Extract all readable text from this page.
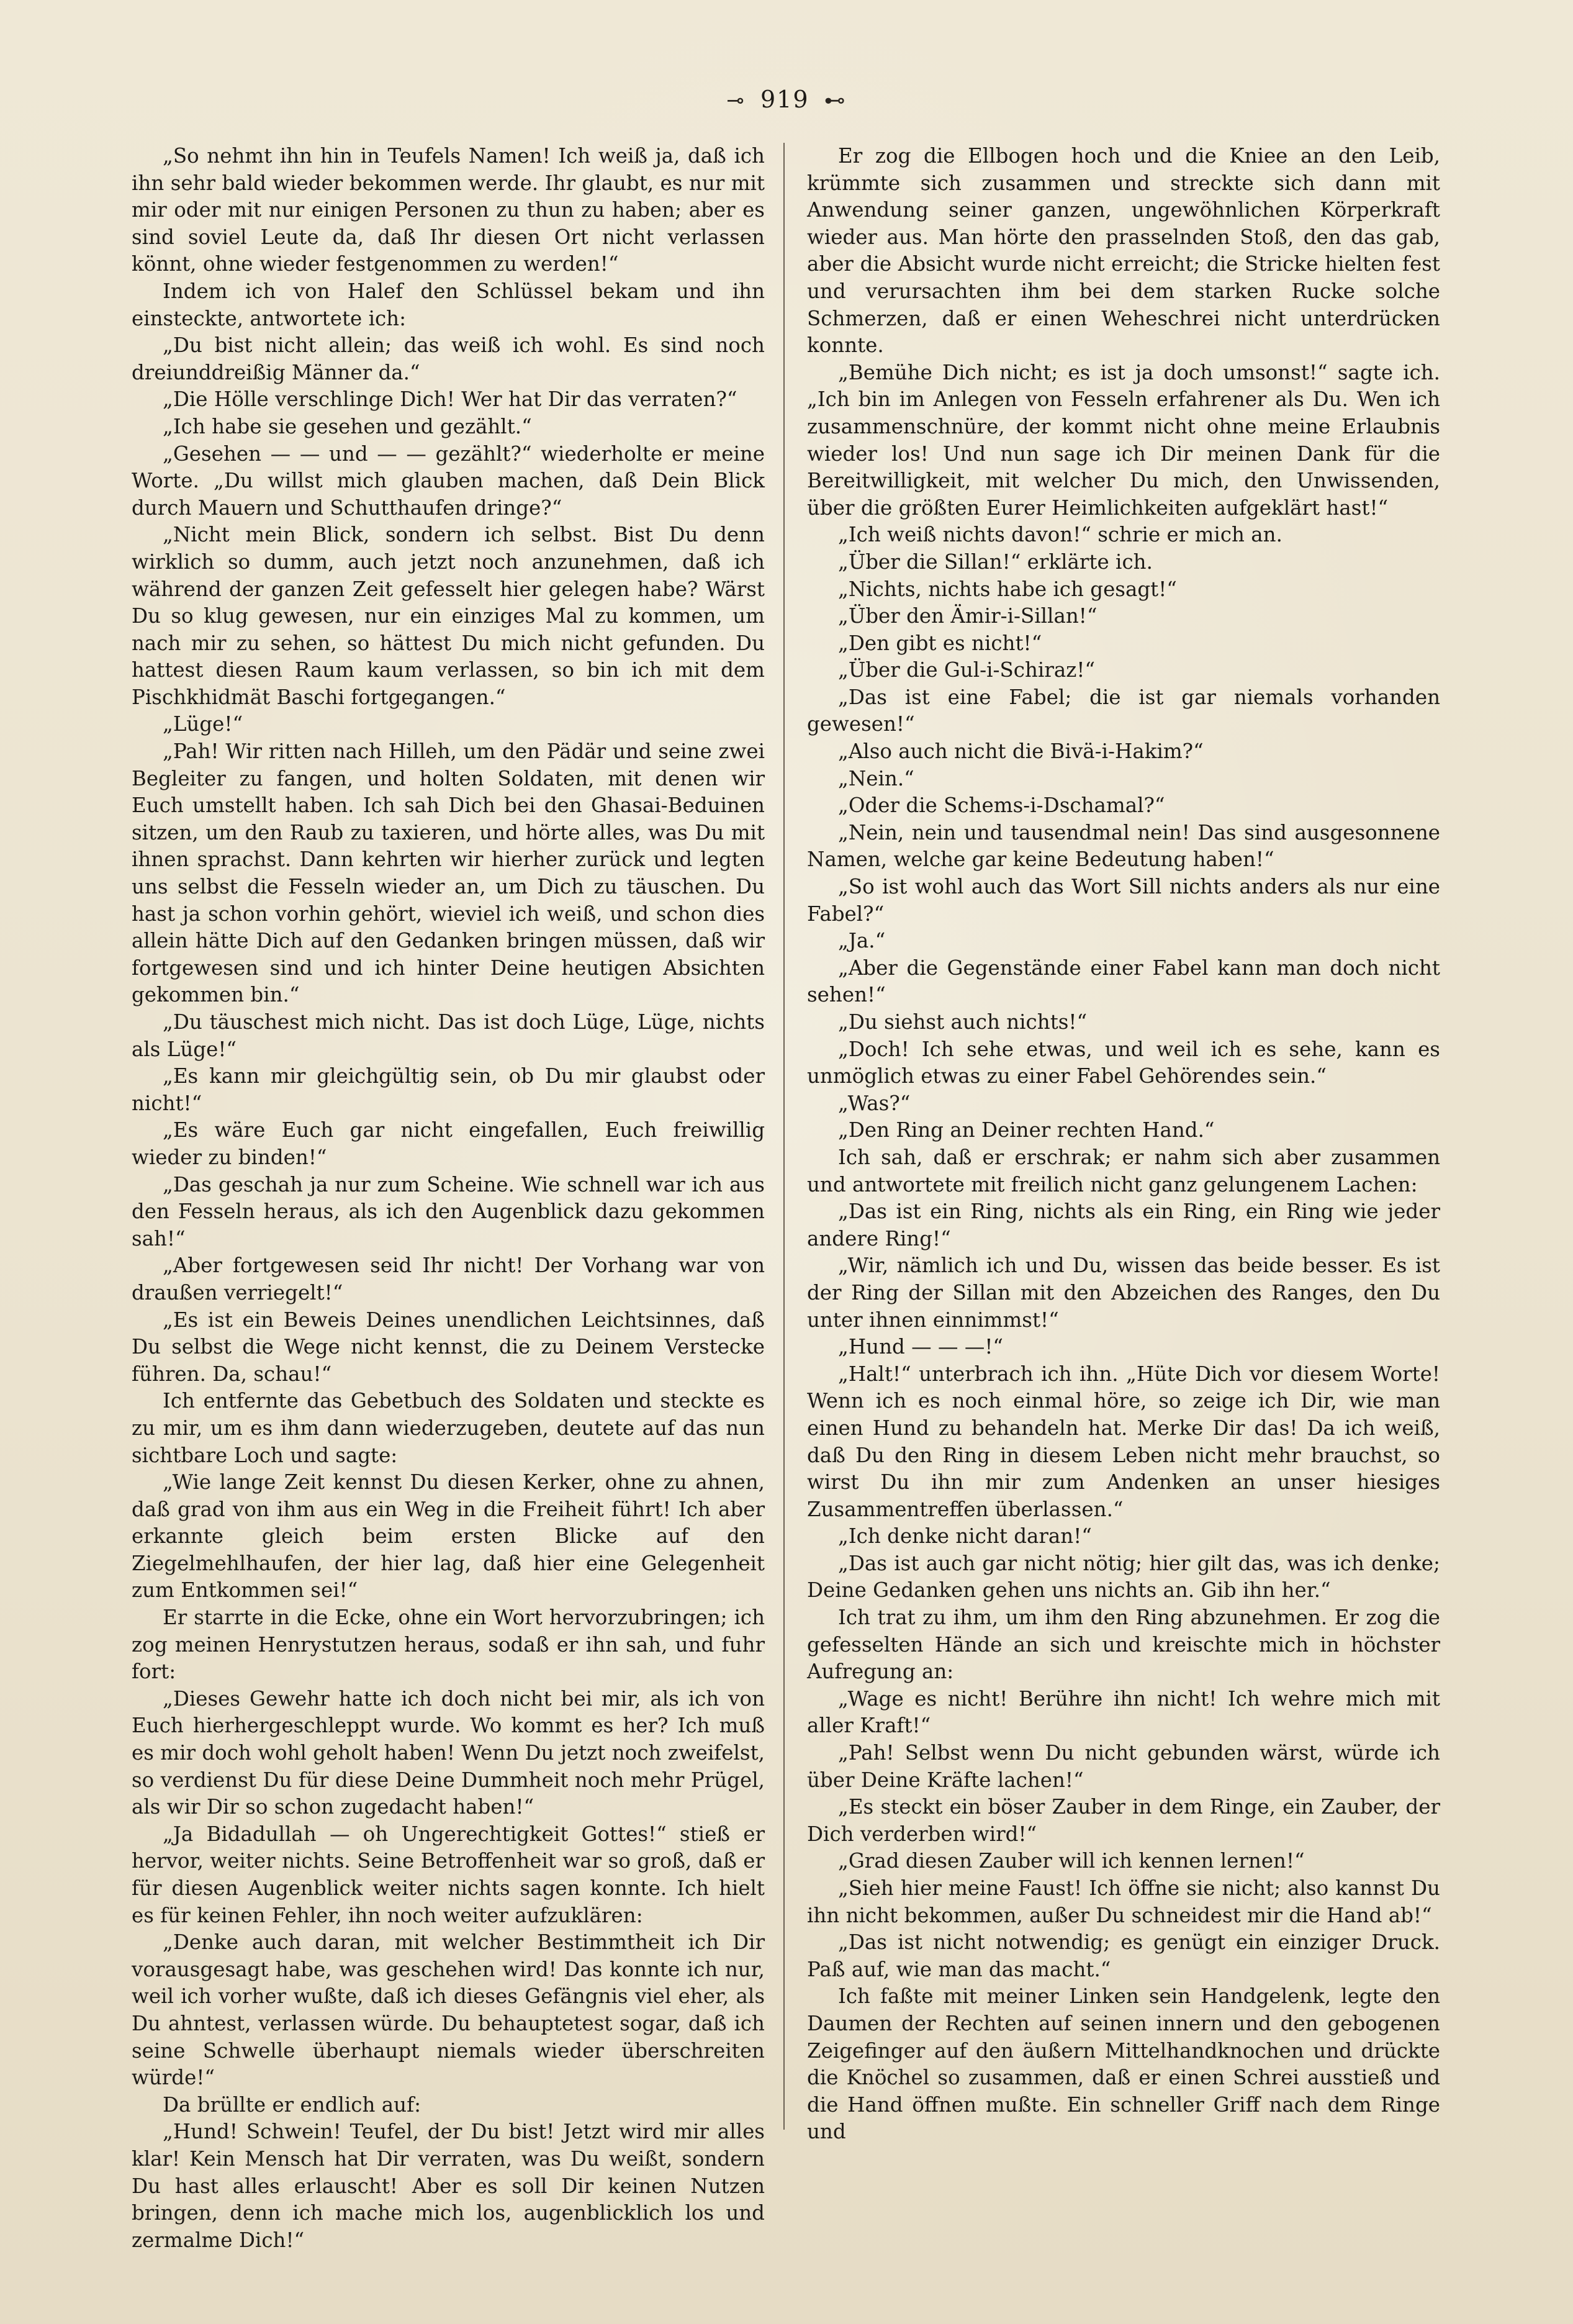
⊸ 919 ⊷

„So nehmt ihn hin in Teufels Namen! Ich weiß ja, daß ich ihn sehr bald wieder bekommen werde. Ihr glaubt, es nur mit mir oder mit nur einigen Personen zu thun zu haben; aber es sind soviel Leute da, daß Ihr diesen Ort nicht verlassen könnt, ohne wieder festgenommen zu werden!“

Indem ich von Halef den Schlüssel bekam und ihn einsteckte, antwortete ich:

„Du bist nicht allein; das weiß ich wohl. Es sind noch dreiunddreißig Männer da.“

„Die Hölle verschlinge Dich! Wer hat Dir das verraten?“

„Ich habe sie gesehen und gezählt.“

„Gesehen — — und — — gezählt?“ wiederholte er meine Worte. „Du willst mich glauben machen, daß Dein Blick durch Mauern und Schutthaufen dringe?“

„Nicht mein Blick, sondern ich selbst. Bist Du denn wirklich so dumm, auch jetzt noch anzunehmen, daß ich während der ganzen Zeit gefesselt hier gelegen habe? Wärst Du so klug gewesen, nur ein einziges Mal zu kommen, um nach mir zu sehen, so hättest Du mich nicht gefunden. Du hattest diesen Raum kaum verlassen, so bin ich mit dem Pischkhidmät Baschi fortgegangen.“

„Lüge!“

„Pah! Wir ritten nach Hilleh, um den Pädär und seine zwei Begleiter zu fangen, und holten Soldaten, mit denen wir Euch umstellt haben. Ich sah Dich bei den Ghasai-Beduinen sitzen, um den Raub zu taxieren, und hörte alles, was Du mit ihnen sprachst. Dann kehrten wir hierher zurück und legten uns selbst die Fesseln wieder an, um Dich zu täuschen. Du hast ja schon vorhin gehört, wieviel ich weiß, und schon dies allein hätte Dich auf den Gedanken bringen müssen, daß wir fortgewesen sind und ich hinter Deine heutigen Absichten gekommen bin.“

„Du täuschest mich nicht. Das ist doch Lüge, Lüge, nichts als Lüge!“

„Es kann mir gleichgültig sein, ob Du mir glaubst oder nicht!“

„Es wäre Euch gar nicht eingefallen, Euch freiwillig wieder zu binden!“

„Das geschah ja nur zum Scheine. Wie schnell war ich aus den Fesseln heraus, als ich den Augenblick dazu gekommen sah!“

„Aber fortgewesen seid Ihr nicht! Der Vorhang war von draußen verriegelt!“

„Es ist ein Beweis Deines unendlichen Leichtsinnes, daß Du selbst die Wege nicht kennst, die zu Deinem Verstecke führen. Da, schau!“

Ich entfernte das Gebetbuch des Soldaten und steckte es zu mir, um es ihm dann wiederzugeben, deutete auf das nun sichtbare Loch und sagte:

„Wie lange Zeit kennst Du diesen Kerker, ohne zu ahnen, daß grad von ihm aus ein Weg in die Freiheit führt! Ich aber erkannte gleich beim ersten Blicke auf den Ziegelmehlhaufen, der hier lag, daß hier eine Gelegenheit zum Entkommen sei!“

Er starrte in die Ecke, ohne ein Wort hervorzubringen; ich zog meinen Henrystutzen heraus, sodaß er ihn sah, und fuhr fort:

„Dieses Gewehr hatte ich doch nicht bei mir, als ich von Euch hierhergeschleppt wurde. Wo kommt es her? Ich muß es mir doch wohl geholt haben! Wenn Du jetzt noch zweifelst, so verdienst Du für diese Deine Dummheit noch mehr Prügel, als wir Dir so schon zugedacht haben!“

„Ja Bidadullah — oh Ungerechtigkeit Gottes!“ stieß er hervor, weiter nichts. Seine Betroffenheit war so groß, daß er für diesen Augenblick weiter nichts sagen konnte. Ich hielt es für keinen Fehler, ihn noch weiter aufzuklären:

„Denke auch daran, mit welcher Bestimmtheit ich Dir vorausgesagt habe, was geschehen wird! Das konnte ich nur, weil ich vorher wußte, daß ich dieses Gefängnis viel eher, als Du ahntest, verlassen würde. Du behauptetest sogar, daß ich seine Schwelle überhaupt niemals wieder überschreiten würde!“

Da brüllte er endlich auf:

„Hund! Schwein! Teufel, der Du bist! Jetzt wird mir alles klar! Kein Mensch hat Dir verraten, was Du weißt, sondern Du hast alles erlauscht! Aber es soll Dir keinen Nutzen bringen, denn ich mache mich los, augenblicklich los und zermalme Dich!“

Er zog die Ellbogen hoch und die Kniee an den Leib, krümmte sich zusammen und streckte sich dann mit Anwendung seiner ganzen, ungewöhnlichen Körperkraft wieder aus. Man hörte den prasselnden Stoß, den das gab, aber die Absicht wurde nicht erreicht; die Stricke hielten fest und verursachten ihm bei dem starken Rucke solche Schmerzen, daß er einen Weheschrei nicht unterdrücken konnte.

„Bemühe Dich nicht; es ist ja doch umsonst!“ sagte ich. „Ich bin im Anlegen von Fesseln erfahrener als Du. Wen ich zusammenschnüre, der kommt nicht ohne meine Erlaubnis wieder los! Und nun sage ich Dir meinen Dank für die Bereitwilligkeit, mit welcher Du mich, den Unwissenden, über die größten Eurer Heimlichkeiten aufgeklärt hast!“

„Ich weiß nichts davon!“ schrie er mich an.

„Über die Sillan!“ erklärte ich.

„Nichts, nichts habe ich gesagt!“

„Über den Ämir-i-Sillan!“

„Den gibt es nicht!“

„Über die Gul-i-Schiraz!“

„Das ist eine Fabel; die ist gar niemals vorhanden gewesen!“

„Also auch nicht die Bivä-i-Hakim?“

„Nein.“

„Oder die Schems-i-Dschamal?“

„Nein, nein und tausendmal nein! Das sind ausgesonnene Namen, welche gar keine Bedeutung haben!“

„So ist wohl auch das Wort Sill nichts anders als nur eine Fabel?“

„Ja.“

„Aber die Gegenstände einer Fabel kann man doch nicht sehen!“

„Du siehst auch nichts!“

„Doch! Ich sehe etwas, und weil ich es sehe, kann es unmöglich etwas zu einer Fabel Gehörendes sein.“

„Was?“

„Den Ring an Deiner rechten Hand.“

Ich sah, daß er erschrak; er nahm sich aber zusammen und antwortete mit freilich nicht ganz gelungenem Lachen:

„Das ist ein Ring, nichts als ein Ring, ein Ring wie jeder andere Ring!“

„Wir, nämlich ich und Du, wissen das beide besser. Es ist der Ring der Sillan mit den Abzeichen des Ranges, den Du unter ihnen einnimmst!“

„Hund — — —!“

„Halt!“ unterbrach ich ihn. „Hüte Dich vor diesem Worte! Wenn ich es noch einmal höre, so zeige ich Dir, wie man einen Hund zu behandeln hat. Merke Dir das! Da ich weiß, daß Du den Ring in diesem Leben nicht mehr brauchst, so wirst Du ihn mir zum Andenken an unser hiesiges Zusammentreffen überlassen.“

„Ich denke nicht daran!“

„Das ist auch gar nicht nötig; hier gilt das, was ich denke; Deine Gedanken gehen uns nichts an. Gib ihn her.“

Ich trat zu ihm, um ihm den Ring abzunehmen. Er zog die gefesselten Hände an sich und kreischte mich in höchster Aufregung an:

„Wage es nicht! Berühre ihn nicht! Ich wehre mich mit aller Kraft!“

„Pah! Selbst wenn Du nicht gebunden wärst, würde ich über Deine Kräfte lachen!“

„Es steckt ein böser Zauber in dem Ringe, ein Zauber, der Dich verderben wird!“

„Grad diesen Zauber will ich kennen lernen!“

„Sieh hier meine Faust! Ich öffne sie nicht; also kannst Du ihn nicht bekommen, außer Du schneidest mir die Hand ab!“

„Das ist nicht notwendig; es genügt ein einziger Druck. Paß auf, wie man das macht.“

Ich faßte mit meiner Linken sein Handgelenk, legte den Daumen der Rechten auf seinen innern und den gebogenen Zeigefinger auf den äußern Mittelhandknochen und drückte die Knöchel so zusammen, daß er einen Schrei ausstieß und die Hand öffnen mußte. Ein schneller Griff nach dem Ringe und
